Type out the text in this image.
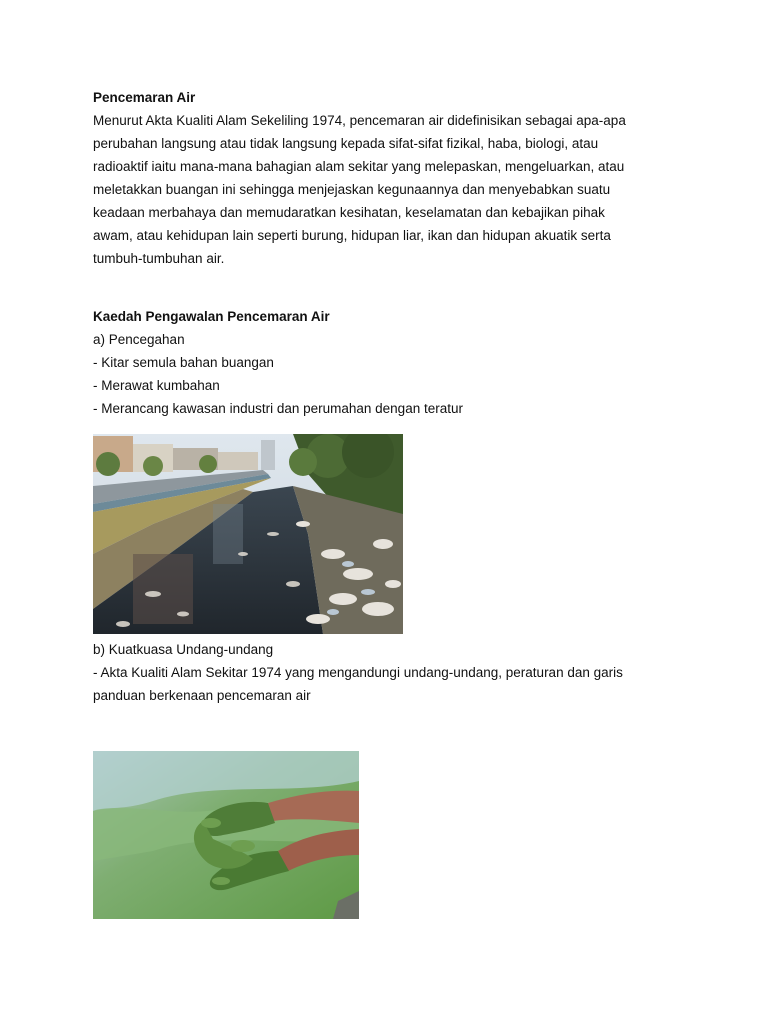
Pencemaran Air
Menurut Akta Kualiti Alam Sekeliling 1974, pencemaran air didefinisikan sebagai apa-apa
perubahan langsung atau tidak langsung kepada sifat-sifat fizikal, haba, biologi, atau
radioaktif iaitu mana-mana bahagian alam sekitar yang melepaskan, mengeluarkan, atau
meletakkan buangan ini sehingga menjejaskan kegunaannya dan menyebabkan suatu
keadaan merbahaya dan memudaratkan kesihatan, keselamatan dan kebajikan pihak
awam, atau kehidupan lain seperti burung, hidupan liar, ikan dan hidupan akuatik serta
tumbuh-tumbuhan air.
Kaedah Pengawalan Pencemaran Air
a) Pencegahan
- Kitar semula bahan buangan
- Merawat kumbahan
- Merancang kawasan industri dan perumahan dengan teratur
b) Kuatkuasa Undang-undang
- Akta Kualiti Alam Sekitar 1974 yang mengandungi undang-undang, peraturan dan garis
panduan berkenaan pencemaran air
